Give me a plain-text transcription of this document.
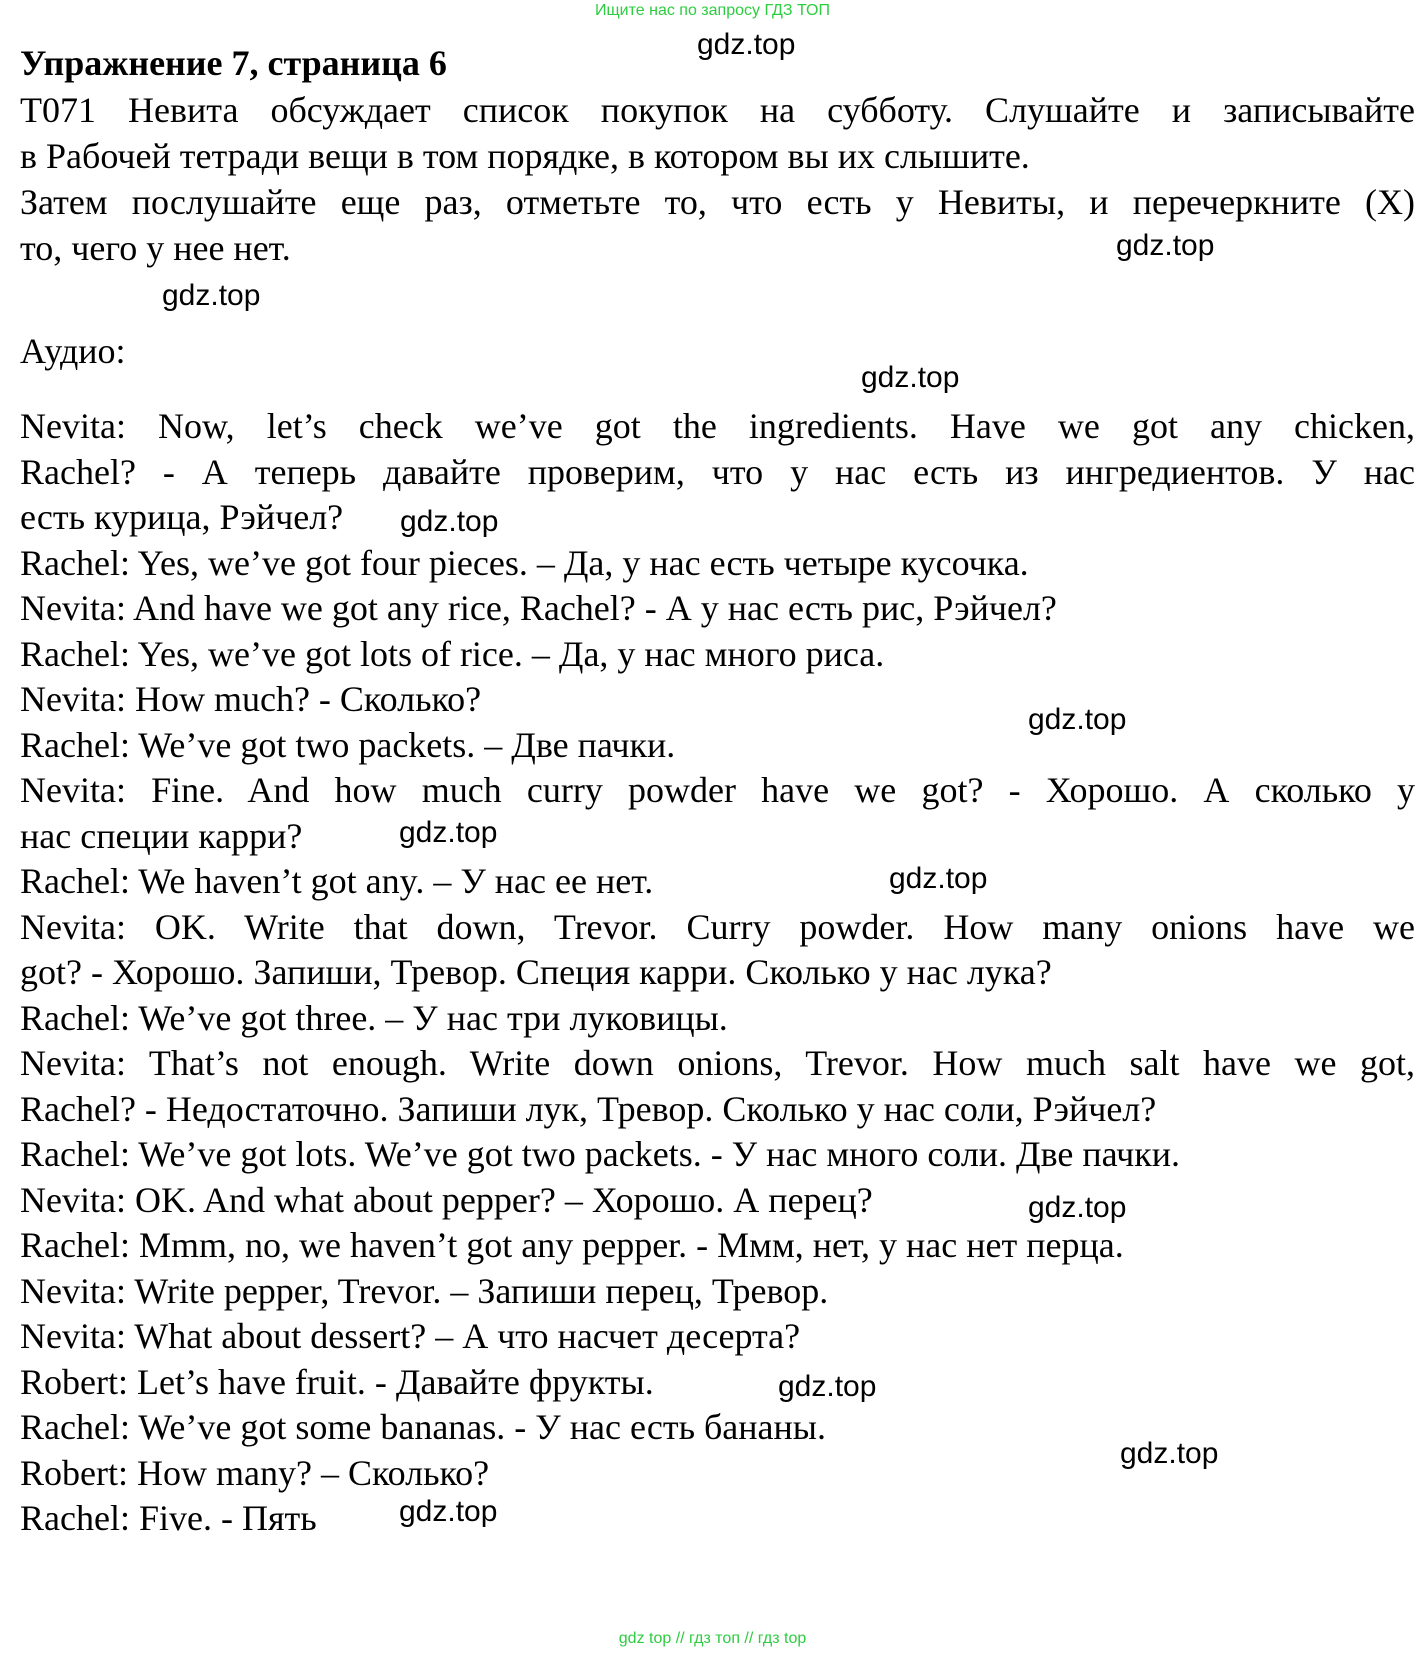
Ищите нас по запросу ГДЗ ТОП
Упражнение 7, страница 6
T071 Невита обсуждает список покупок на субботу. Слушайте и записывайте
в Рабочей тетради вещи в том порядке, в котором вы их слышите.
Затем послушайте еще раз, отметьте то, что есть у Невиты, и перечеркните (X)
то, чего у нее нет.
Аудио:
Nevita: Now, let’s check we’ve got the ingredients. Have we got any chicken,
Rachel? - А теперь давайте проверим, что у нас есть из ингредиентов. У нас
есть курица, Рэйчел?
Rachel: Yes, we’ve got four pieces. – Да, у нас есть четыре кусочка.
Nevita: And have we got any rice, Rachel? - А у нас есть рис, Рэйчел?
Rachel: Yes, we’ve got lots of rice. – Да, у нас много риса.
Nevita: How much? - Сколько?
Rachel: We’ve got two packets. – Две пачки.
Nevita: Fine. And how much curry powder have we got? - Хорошо. А сколько у
нас специи карри?
Rachel: We haven’t got any. – У нас ее нет.
Nevita: OK. Write that down, Trevor. Curry powder. How many onions have we
got? - Хорошо. Запиши, Тревор. Специя карри. Сколько у нас лука?
Rachel: We’ve got three. – У нас три луковицы.
Nevita: That’s not enough. Write down onions, Trevor. How much salt have we got,
Rachel? - Недостаточно. Запиши лук, Тревор. Сколько у нас соли, Рэйчел?
Rachel: We’ve got lots. We’ve got two packets. - У нас много соли. Две пачки.
Nevita: OK. And what about pepper? – Хорошо. А перец?
Rachel: Mmm, no, we haven’t got any pepper. - Ммм, нет, у нас нет перца.
Nevita: Write pepper, Trevor. – Запиши перец, Тревор.
Nevita: What about dessert? – А что насчет десерта?
Robert: Let’s have fruit. - Давайте фрукты.
Rachel: We’ve got some bananas. - У нас есть бананы.
Robert: How many? – Сколько?
Rachel: Five. - Пять
gdz.top
gdz.top
gdz.top
gdz.top
gdz.top
gdz.top
gdz.top
gdz.top
gdz.top
gdz.top
gdz.top
gdz.top
gdz top // гдз топ // гдз top
